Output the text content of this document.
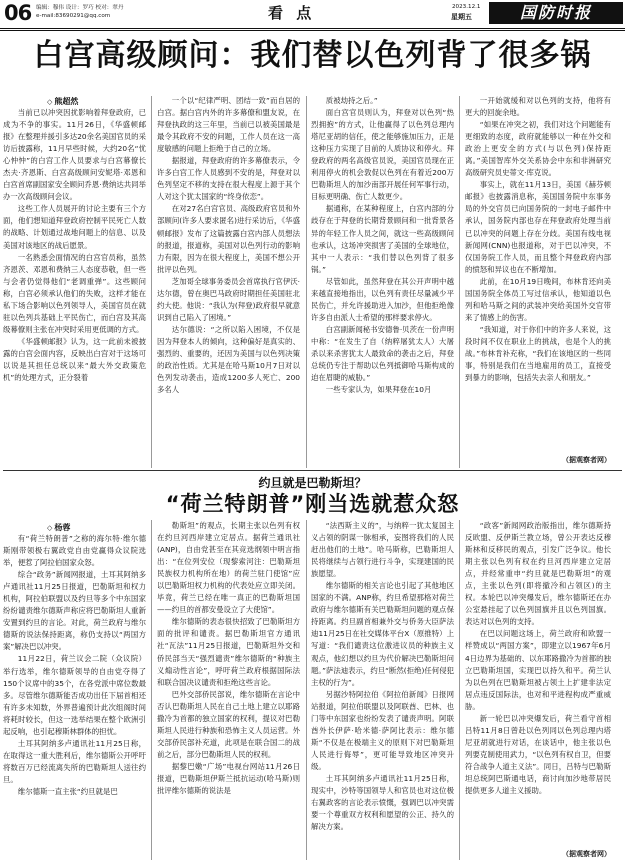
06 编辑：穆伟 设计：罗巧 校对：翠丹
e-mail:83690291@qq.com	看 点	2023.12.1
星期五	国防时报
白宫高级顾问：我们替以色列背了很多锅
◇ 熊超然

当前已以冲突因扰影响着拜登政府，已成为不争的事实。11月26日，《华盛顿邮报》在整理并援引多达20余名美国官员的采访后披露称，11月早些时候，大约20名“忧心忡忡”的白宫工作人员要求与白宫幕僚长杰夫·齐恩斯、白宫高级顾问安妮塔·邓恩和白宫首席副国家安全顾问乔恩·费纳达共同举办一次高级顾问会议。

这些工作人员展开的讨论主要有三个方面，他们想知道拜登政府控制平民死亡人数的战略、计划通过战地问题上的信息、以及美国对该地区的战后愿景。

一名熟悉会面情况的白宫官员称，虽然齐恩茨、邓恩和费纳三人态度恭敬，但一些与会者仍觉得他们“老调重弹”。这些顾问称，白宫必须承认他们的失败，这样才能在私下场合影响以色列领导人，美国官员在就驻以色列兵基础上平民伤亡，而白宫及其高级幕僚则主张在冲突时采用更低调的方式。

《华盛顿邮报》认为，这一此前未被披露的白宫会面内容，反映出白宫对于这场可以说是其担任总统以来“最大外交政策危机”的处理方式，正分裂着

一个以“纪律严明、团结一致”而自居的白宫。据白宫内外的许多幕僚和盟友说，在拜登执政的这三年里，当前已以被美国最是最令其政府不安的问题，工作人员在这一高度敏感的问题上拒绝于自己的立场。

据报道，拜登政府的许多幕僚表示，令许多白宫工作人员感到不安的是，拜登对以色列坚定不移的支持在很大程度上源于其个人对这个犹太国家的“终身依恋”。

在对27名白宫官员、高级政府官员和外部顾问(许多人要求匿名)进行采访后，《华盛顿邮报》发布了这篇披露白宫内部人员想法的报道，报道称，美国对以色列行动的影响力有限，因为在很大程度上，美国不想公开批评以色列。

芝加哥全球事务委员会首席执行官伊沃·达尔德，曾在奥巴马政府时期担任美国驻北约大使。他说：“我认为(拜登)政府很早就意识到自己陷入了困境。”

达尔德说：“之所以陷入困境，不仅是因为拜登本人的倾向，这种偏好是真实的、强烈的、重要的，还因为美国与以色列决策的政治性质。尤其是在哈马斯10月7日对以色列发动袭击，造成1200多人死亡、200多名人

质被劫持之后。”

面白宫官员则认为，拜登对以色列“热烈拥抱”的方式，让他赢得了以色列总理内塔尼亚胡的信任，使之能够施加压力，正是这种压力实现了目前的人质协议和停火。拜登政府的两名高级官员说，美国官员现在正利用停火的机会敦促以色列在有着近200万巴勒斯坦人的加沙南部开展任何军事行动，目标更明确、伤亡人数更少。

据通称，在某种程度上，白宫内部的分歧存在于拜登的长期背景顾问和一批背景各异的年轻工作人员之间，就这一些高级顾问也承认，这场冲突损害了美国的全球地位，其中一人表示：“我们替以色列背了很多锅。”

尽管如此，虽然拜登在其公开声明中越来越直接地指出，以色列有责任尽量减少平民伤亡，并允许援助进入加沙，但他拒绝像许多自由派人士希望的那样要求停火。

白宫副新闻秘书安德鲁·贝茨在一份声明中称：“在发生了自（纳粹屠犹太人）大屠杀以来杀害犹太人最致命的袭击之后，拜登总统仍专注于帮助以色列抵御哈马斯构成的迫在眉睫的威胁。”

一些专家认为，如果拜登在10月

一开始就缓和对以色列的支持，他将有更大的回旋余地。

“如果在冲突之初，我们对这个问题能有更细致的态度，政府就能够以一种在外交和政治上更安全的方式(与以色列)保持距离。”美国智库外交关系协会中东和非洲研究高级研究员史蒂文·库克说。

事实上，就在11月13日，美国《赫芬顿邮报》也披露消息称，美国国务院中东事务局的外交官员已向国务院的一封电子邮件中承认，国务院内部也存在拜登政府处理当前已以冲突的问题上存在分歧。美国有线电视新闻网(CNN)也报道称，对于巴以冲突，不仅国务院工作人员，而且整个拜登政府内部的愤怒和异议也在不断增加。

此前，在10月19日晚间，布林肯还向美国国务院全体员工写过信承认，他知道以色列和哈马斯之间的武装冲突给美国外交官带来了情感上的伤害。

“我知道，对于你们中的许多人来说，这段时间不仅在职业上的挑战，也是个人的挑战。”布林肯补充称，“我们在该地区的一些同事，特别是我们在当地雇用的员工，直接受到暴力的影响，包括失去亲人和朋友。”

（据观察者网）
约旦就是巴勒斯坦？
“荷兰特朗普”刚当选就惹众怒
◇ 杨蓉

有“荷兰特朗普”之称的海尔特·维尔德斯刚带领极右翼政党自由党赢得众议院选举，便惹了阿拉伯国家众怒。

综合“政务”新闻网报道，土耳其阿纳多卢通讯社11月25日报道，巴勒斯坦和权力机构，阿拉伯联盟以及约旦等多个中东国家纷纷谴责维尔德斯声称应将巴勒斯坦人重新安置到约旦的言论。对此，荷兰政府与维尔德斯的说法保持距离，称仍支持以“两国方案”解决巴以冲突。

11月22日，荷兰议会二院（众议院）举行选举，维尔德斯领导的自由党夺得了150个议席中的35个，在各党派中席位数最多。尽管维尔德斯能否成功出任下届首相还有许多未知数，外界普遍预计此次组阁时间将耗时较长，但这一选举结果在整个欧洲引起反响，也引起穆斯林群体的担忧。

土耳其阿纳多卢通讯社11月25日称，在取得这一重大胜利后，维尔德斯公开呼吁将数百万已经流离失所的巴勒斯坦人送往约旦。

维尔德斯一直主张“约旦就是巴

勒斯坦”的观点，长期主张以色列有权在约旦河西岸建立定居点。据荷兰通讯社(ANP)，自由党甚至在其竞选纲领中明言指出：“在位列安位（现黎索河注：巴勒斯坦民族权力机构所在地）的荷兰驻门使馆”应以巴勒斯坦权力机构的代表处应立即关闭。毕竟，荷兰已经在唯一真正的巴勒斯坦国——约旦的首都安曼设立了大使馆”。

维尔德斯的表态很快招致了巴勒斯坦方面的批评和谴责。据巴勒斯坦官方通讯社“瓦法”11月25日报道，巴勒斯坦外交和侨民部当天“强烈谴责”维尔德斯的“种族主义煽动性言论”，呼吁荷兰政府根据国际法和联合国决议谴责和拒绝这些言论。

巴外交部侨民部说，维尔德斯在言论中否认巴勒斯坦人民在自己土地上建立以耶路撒冷为首都的独立国家的权利，提议对巴勒斯坦人民进行种族和恐怖主义人员运营。外交部侨民部补充道，此项是在联合国二的战前之后，部分巴勒斯坦人民的权利。

据黎巴嫩“广场”电视台网站11月26日报道，巴勒斯坦伊斯兰抵抗运动(哈马斯)则批评维尔德斯的说法是

“法西斯主义的”，与纳粹一犹太复国主义占领的阴谋一脉相承，妄图将我们的人民赶出他们的土地”。哈马斯称，巴勒斯坦人民将继续与占领行进行斗争，实现建国的民族愿望。

维尔德斯的相关言论也引起了其他地区国家的不满。ANP称，约旦希望那格对荷兰政府与维尔德斯有关巴勒斯坦问题的观点保持距离。约旦副首相兼外交与侨务大臣萨法迪11月25日在社交媒体平台X（原推特）上写道：“我们谴责这位激进议员的种族主义观点，他幻想以约旦为代价解决巴勒斯坦问题。”萨法迪表示，约旦“断然(拒绝)任何侵犯主权的行为”。

另据沙特阿拉伯《阿拉伯新闻》日报网站报道，阿拉伯联盟以及阿联酋、巴林、也门等中东国家也纷纷发表了谴责声明。阿联酋外长伊萨·哈米德·萨阿比表示：维尔德斯“不仅是在极端主义的原则下对巴勒斯坦人民进行侮辱”，更可能导致地区冲突升级。

土耳其阿纳多卢通讯社11月25日称，现实中，沙特等国领导人和官员也对这位极右翼政客的言论表示愤慨，强调巴以冲突需要一个尊重双方权利和愿望的公正、持久的解决方案。

“政客”新闻网政治版指出，维尔德斯持反欧盟、反伊斯兰教立场，曾公开表达反穆斯林和反移民的观点，引发广泛争议。他长期主张以色列有权在约旦河西岸建立定居点，并经常重申“约旦就是巴勒斯坦”的观点，主张以色列(即将撤冷和占领区)的主权。本轮巴以冲突爆发后，维尔德斯还在办公室悬挂起了以色列国旗并且以色列国旗。表达对以色列的支持。

在巴以问题这场上，荷兰政府和欧盟一样赞成以“两国方案”，即建立以1967年6月4日边界为基础的、以东耶路撒冷为首都的独立巴勒斯坦国，实现巴以持久和平。荷兰认为以色列在巴勒斯坦被占领土上扩建非法定居点违反国际法，也对和平进程构成严重威胁。

新一轮巴以冲突爆发后，荷兰看守首相吕特11月8日曾赴以色列同以色列总理内塔尼亚胡就进行对话，在谈话中，他主张以色列要克制使用武力，“以色列有权自卫，但要符合战争人道主义法”。同日，吕特与巴勒斯坦总统阿巴斯通电话，商讨向加沙地带居民提供更多人道主义援助。

（据观察者网）
